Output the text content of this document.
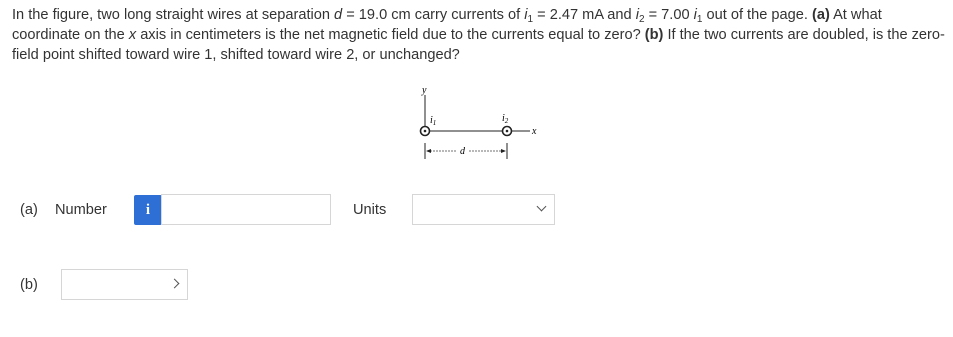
In the figure, two long straight wires at separation d = 19.0 cm carry currents of $i_1 = 2.47$ mA and $i_2 = 7.00$ $i_1$ out of the page. (a) At what coordinate on the x axis in centimeters is the net magnetic field due to the currents equal to zero? (b) If the two currents are doubled, is the zero-field point shifted toward wire 1, shifted toward wire 2, or unchanged?
y
x
$i_1$	$i_2$
d
(a) Number	i	Units
(b)
